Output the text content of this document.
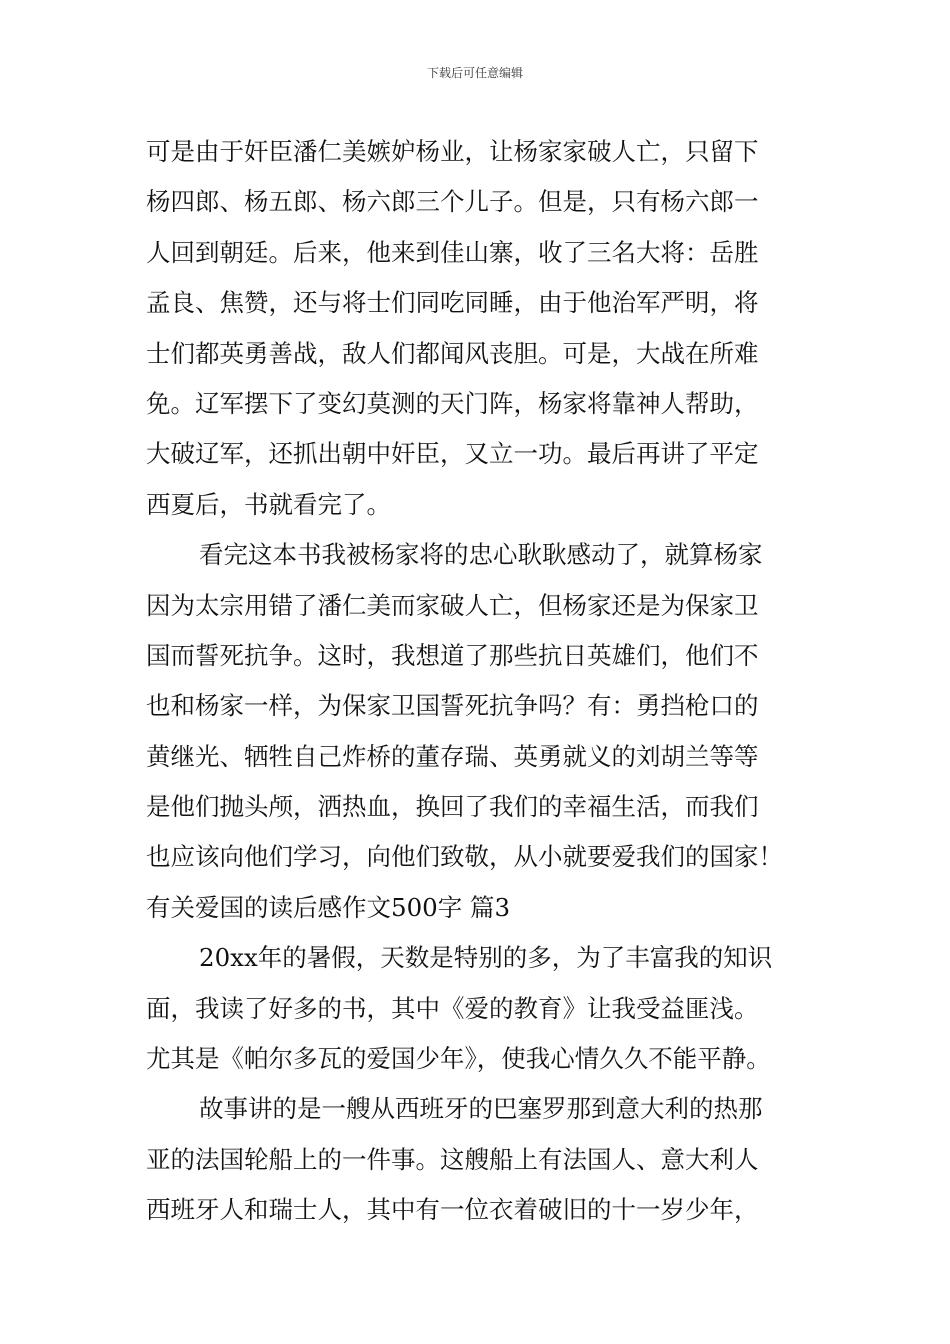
下载后可任意编辑
可是由于奸臣潘仁美嫉妒杨业，让杨家家破人亡，只留下
杨四郎、杨五郎、杨六郎三个儿子。但是，只有杨六郎一
人回到朝廷。后来，他来到佳山寨，收了三名大将：岳胜
孟良、焦赞，还与将士们同吃同睡，由于他治军严明，将
士们都英勇善战，敌人们都闻风丧胆。可是，大战在所难
免。辽军摆下了变幻莫测的天门阵，杨家将靠神人帮助，
大破辽军，还抓出朝中奸臣，又立一功。最后再讲了平定
西夏后，书就看完了。
看完这本书我被杨家将的忠心耿耿感动了，就算杨家
因为太宗用错了潘仁美而家破人亡，但杨家还是为保家卫
国而誓死抗争。这时，我想道了那些抗日英雄们，他们不
也和杨家一样，为保家卫国誓死抗争吗？有：勇挡枪口的
黄继光、牺牲自己炸桥的董存瑞、英勇就义的刘胡兰等等
是他们抛头颅，洒热血，换回了我们的幸福生活，而我们
也应该向他们学习，向他们致敬，从小就要爱我们的国家！
有关爱国的读后感作文500字 篇3
20xx年的暑假，天数是特别的多，为了丰富我的知识
面，我读了好多的书，其中《爱的教育》让我受益匪浅。
尤其是《帕尔多瓦的爱国少年》，使我心情久久不能平静。
故事讲的是一艘从西班牙的巴塞罗那到意大利的热那
亚的法国轮船上的一件事。这艘船上有法国人、意大利人
西班牙人和瑞士人，其中有一位衣着破旧的十一岁少年，
